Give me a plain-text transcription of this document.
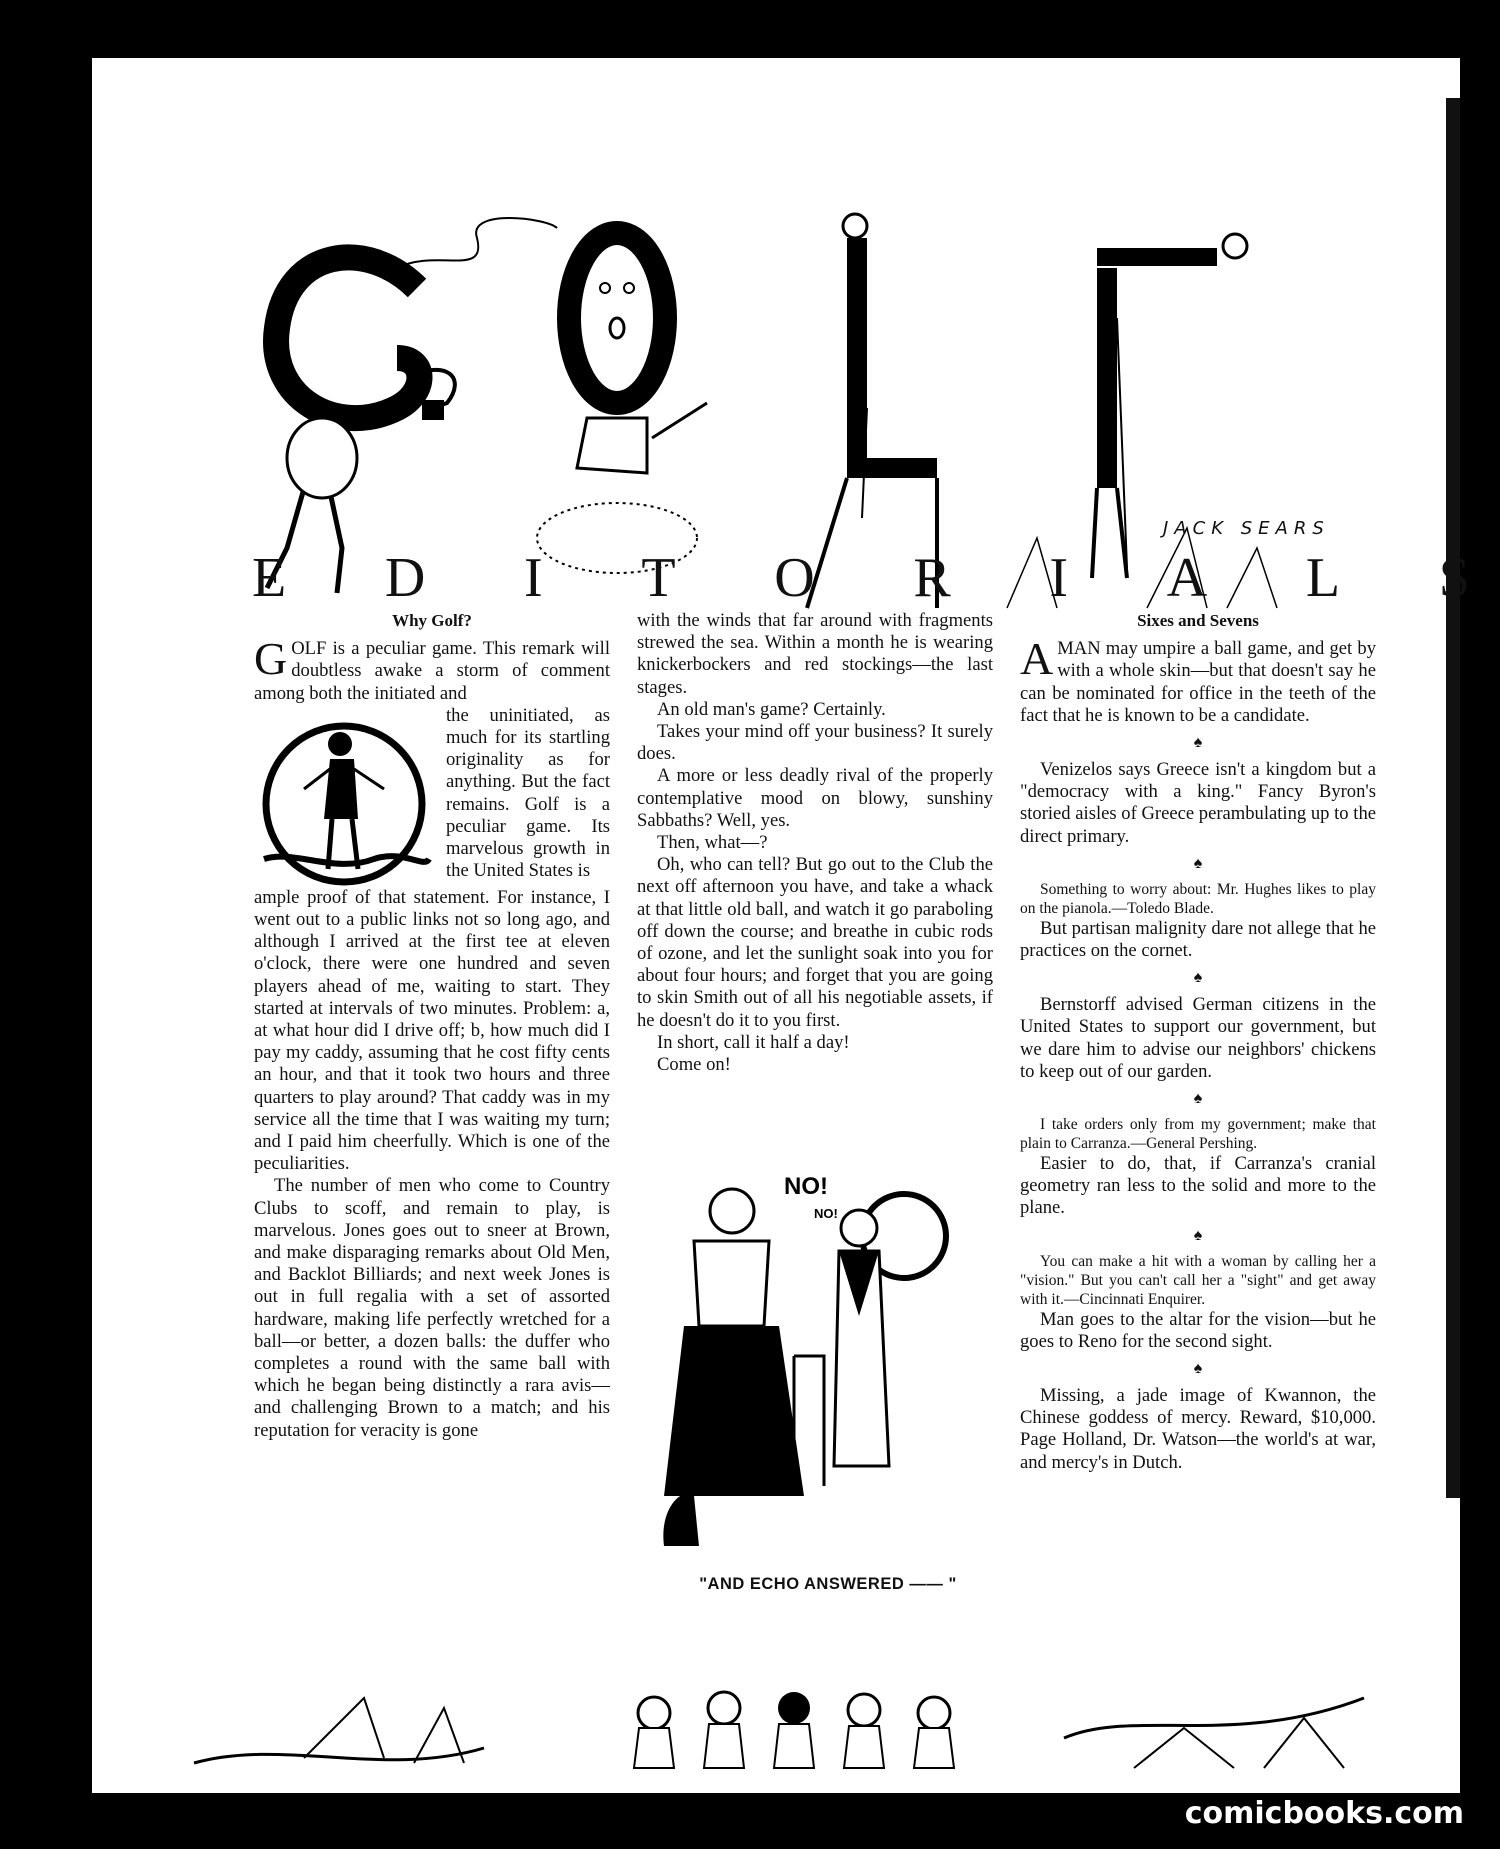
JACK SEARS
E D I T O R I A L S
Why Golf?

GOLF is a peculiar game. This remark will doubtless awake a storm of comment among both the initiated and

the uninitiated, as much for its startling originality as for anything. But the fact remains. Golf is a peculiar game. Its marvelous growth in the United States is

ample proof of that statement. For instance, I went out to a public links not so long ago, and although I arrived at the first tee at eleven o'clock, there were one hundred and seven players ahead of me, waiting to start. They started at intervals of two minutes. Problem: a, at what hour did I drive off; b, how much did I pay my caddy, assuming that he cost fifty cents an hour, and that it took two hours and three quarters to play around? That caddy was in my service all the time that I was waiting my turn; and I paid him cheerfully. Which is one of the peculiarities.

The number of men who come to Country Clubs to scoff, and remain to play, is marvelous. Jones goes out to sneer at Brown, and make disparaging remarks about Old Men, and Backlot Billiards; and next week Jones is out in full regalia with a set of assorted hardware, making life perfectly wretched for a ball—or better, a dozen balls: the duffer who completes a round with the same ball with which he began being distinctly a rara avis—and challenging Brown to a match; and his reputation for veracity is gone

with the winds that far around with fragments strewed the sea. Within a month he is wearing knickerbockers and red stockings—the last stages.

An old man's game? Certainly.

Takes your mind off your business? It surely does.

A more or less deadly rival of the properly contemplative mood on blowy, sunshiny Sabbaths? Well, yes.

Then, what—?

Oh, who can tell? But go out to the Club the next off afternoon you have, and take a whack at that little old ball, and watch it go paraboling off down the course; and breathe in cubic rods of ozone, and let the sunlight soak into you for about four hours; and forget that you are going to skin Smith out of all his negotiable assets, if he doesn't do it to you first.

In short, call it half a day!

Come on!

NO!
NO!
"AND ECHO ANSWERED —— "
Sixes and Sevens

AMAN may umpire a ball game, and get by with a whole skin—but that doesn't say he can be nominated for office in the teeth of the fact that he is known to be a candidate.

♠

Venizelos says Greece isn't a kingdom but a "democracy with a king." Fancy Byron's storied aisles of Greece perambulating up to the direct primary.

♠

Something to worry about: Mr. Hughes likes to play on the pianola.—Toledo Blade.

But partisan malignity dare not allege that he practices on the cornet.

♠

Bernstorff advised German citizens in the United States to support our government, but we dare him to advise our neighbors' chickens to keep out of our garden.

♠

I take orders only from my government; make that plain to Carranza.—General Pershing.

Easier to do, that, if Carranza's cranial geometry ran less to the solid and more to the plane.

♠

You can make a hit with a woman by calling her a "vision." But you can't call her a "sight" and get away with it.—Cincinnati Enquirer.

Man goes to the altar for the vision—but he goes to Reno for the second sight.

♠

Missing, a jade image of Kwannon, the Chinese goddess of mercy. Reward, $10,000. Page Holland, Dr. Watson—the world's at war, and mercy's in Dutch.

comicbooks.com
